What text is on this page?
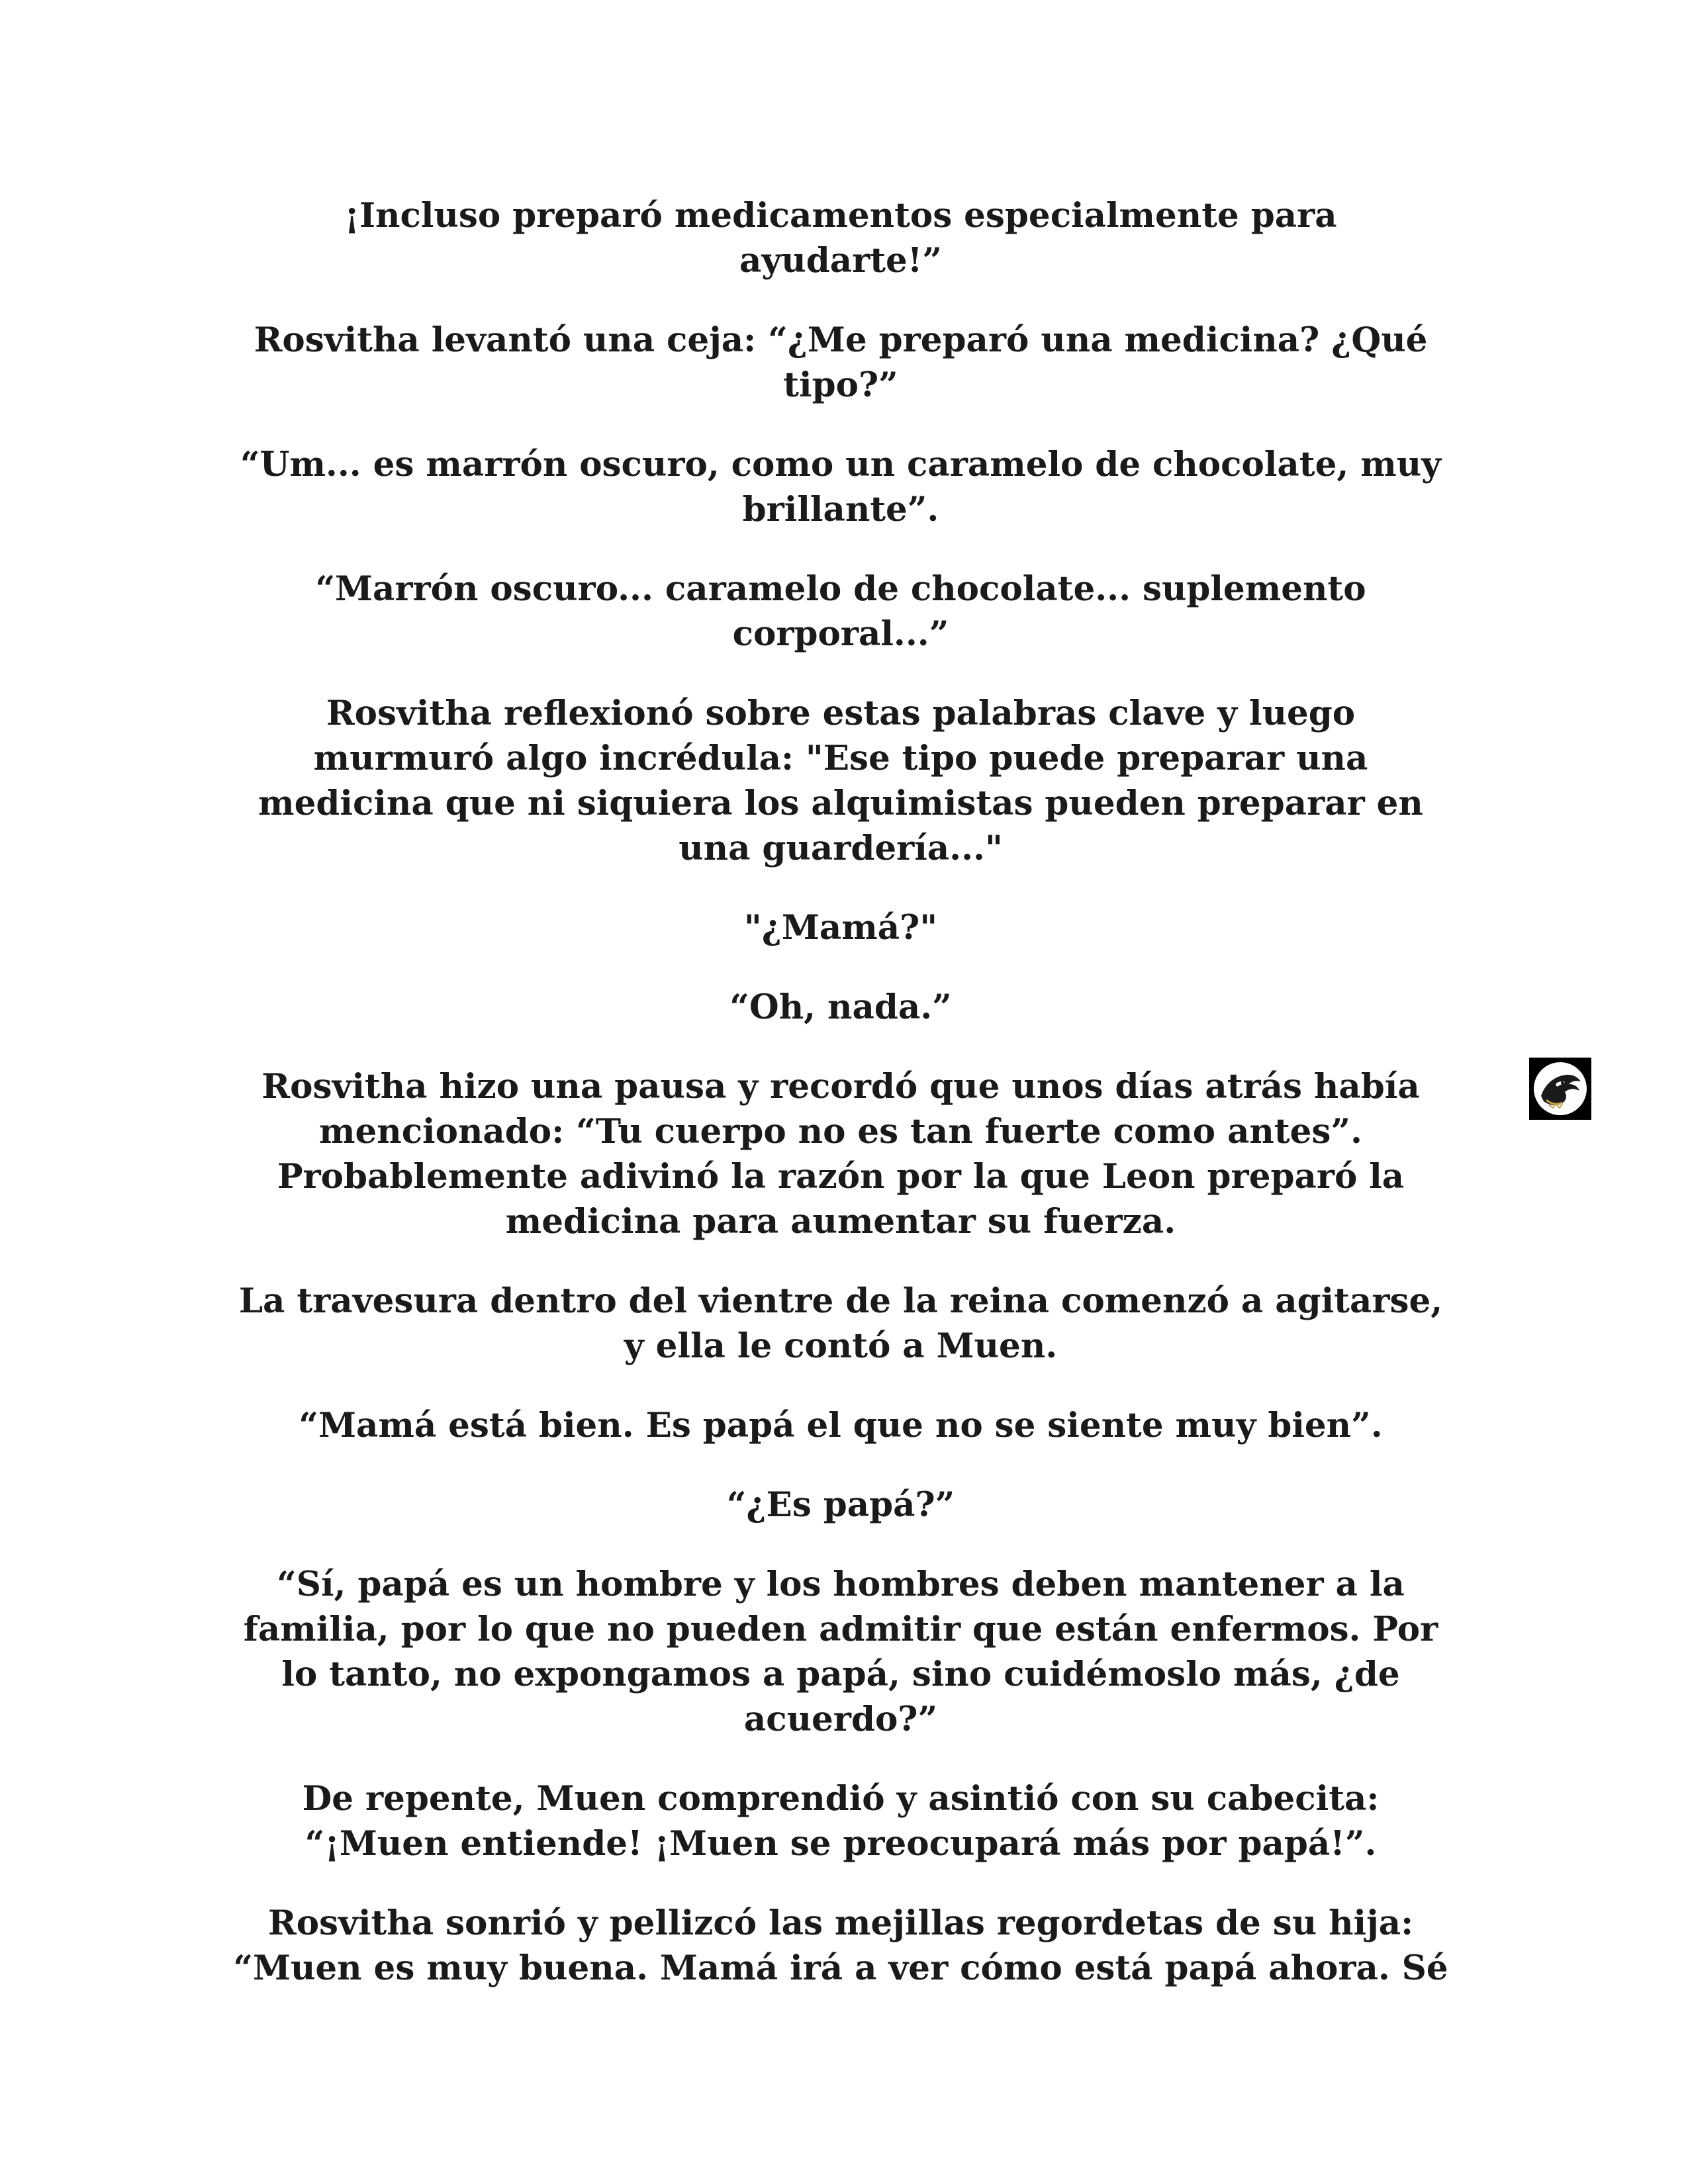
¡Incluso preparó medicamentos especialmente para
ayudarte!”

Rosvitha levantó una ceja: “¿Me preparó una medicina? ¿Qué
tipo?”

“Um... es marrón oscuro, como un caramelo de chocolate, muy
brillante”.

“Marrón oscuro... caramelo de chocolate... suplemento
corporal...”

Rosvitha reflexionó sobre estas palabras clave y luego
murmuró algo incrédula: "Ese tipo puede preparar una
medicina que ni siquiera los alquimistas pueden preparar en
una guardería..."

"¿Mamá?"

“Oh, nada.”

Rosvitha hizo una pausa y recordó que unos días atrás había
mencionado: “Tu cuerpo no es tan fuerte como antes”.
Probablemente adivinó la razón por la que Leon preparó la
medicina para aumentar su fuerza.

La travesura dentro del vientre de la reina comenzó a agitarse,
y ella le contó a Muen.

“Mamá está bien. Es papá el que no se siente muy bien”.

“¿Es papá?”

“Sí, papá es un hombre y los hombres deben mantener a la
familia, por lo que no pueden admitir que están enfermos. Por
lo tanto, no expongamos a papá, sino cuidémoslo más, ¿de
acuerdo?”

De repente, Muen comprendió y asintió con su cabecita:
“¡Muen entiende! ¡Muen se preocupará más por papá!”.

Rosvitha sonrió y pellizcó las mejillas regordetas de su hija:
“Muen es muy buena. Mamá irá a ver cómo está papá ahora. Sé
